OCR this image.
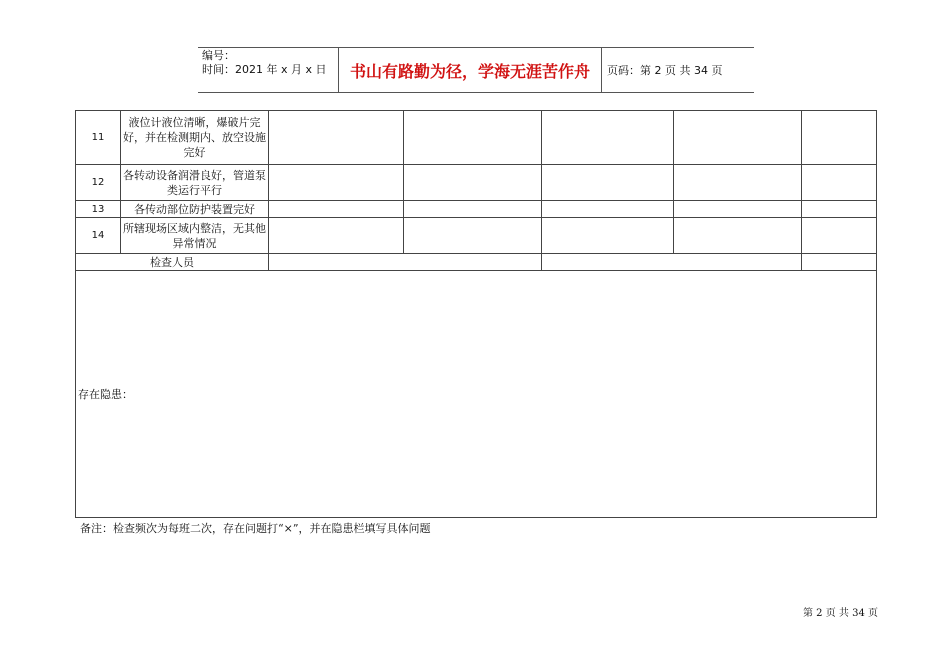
编号：
时间：2021 年 x 月 x 日	书山有路勤为径，学海无涯苦作舟	页码：第 2 页 共 34 页
11	液位计液位清晰，爆破片完好，并在检测期内、放空设施完好					
12	各转动设备润滑良好，管道泵类运行平行					
13	各传动部位防护装置完好					
14	所辖现场区域内整洁，无其他异常情况					
检查人员						
存在隐患：						
备注：检查频次为每班二次，存在问题打“×”，并在隐患栏填写具体问题
第 2 页 共 34 页
